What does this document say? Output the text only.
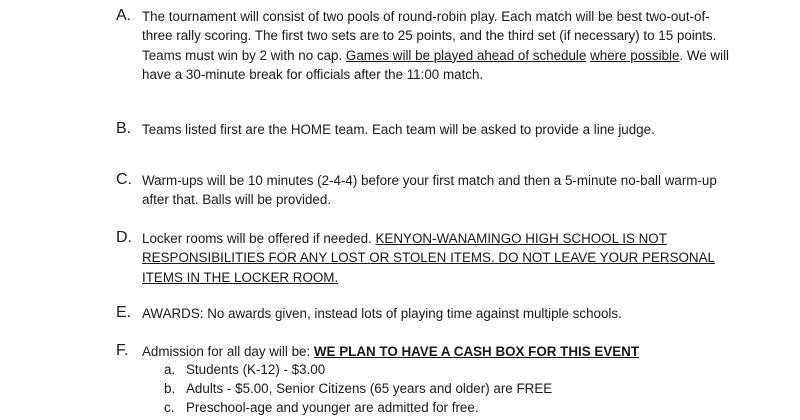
A. The tournament will consist of two pools of round-robin play. Each match will be best two-out-of-three rally scoring. The first two sets are to 25 points, and the third set (if necessary) to 15 points. Teams must win by 2 with no cap. Games will be played ahead of schedule where possible. We will have a 30-minute break for officials after the 11:00 match.
B. Teams listed first are the HOME team. Each team will be asked to provide a line judge.
C. Warm-ups will be 10 minutes (2-4-4) before your first match and then a 5-minute no-ball warm-up after that. Balls will be provided.
D. Locker rooms will be offered if needed. KENYON-WANAMINGO HIGH SCHOOL IS NOT RESPONSIBILITIES FOR ANY LOST OR STOLEN ITEMS. DO NOT LEAVE YOUR PERSONAL ITEMS IN THE LOCKER ROOM.
E. AWARDS: No awards given, instead lots of playing time against multiple schools.
F.	Admission for all day will be: WE PLAN TO HAVE A CASH BOX FOR THIS EVENT
a. Students (K-12) - $3.00
b. Adults - $5.00, Senior Citizens (65 years and older) are FREE
c. Preschool-age and younger are admitted for free.
